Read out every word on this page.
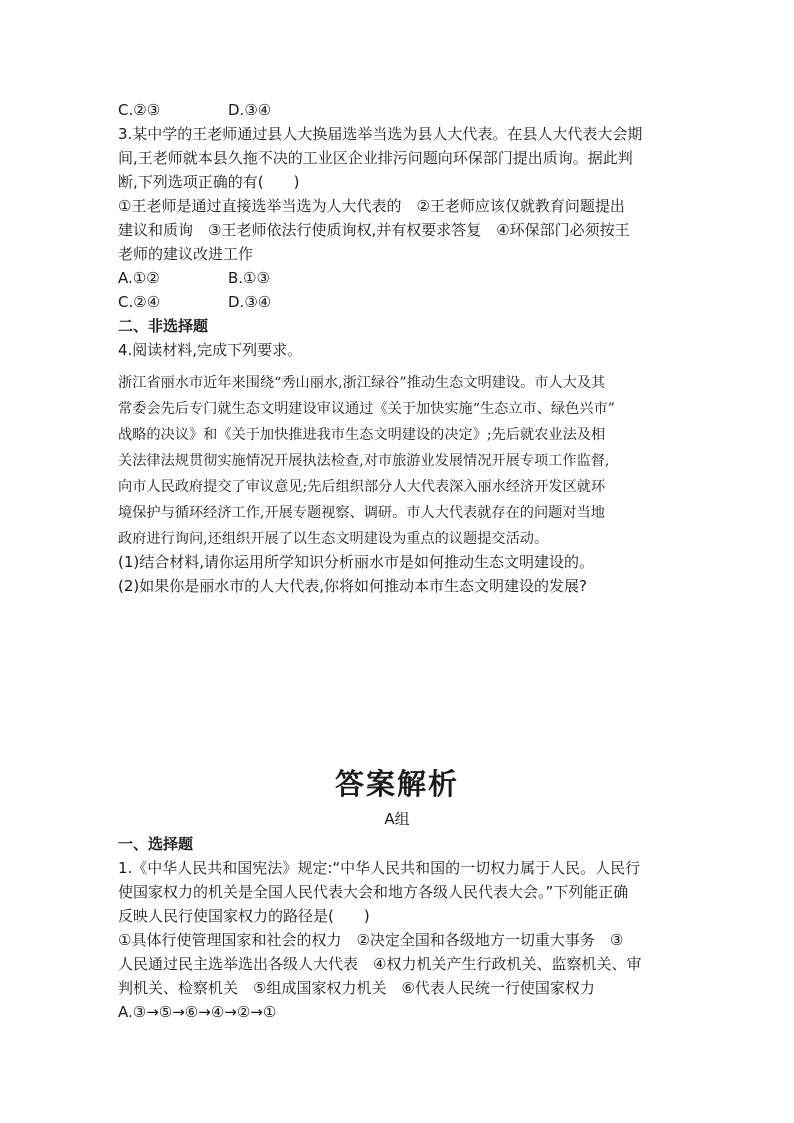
C.②③	D.③④

3.某中学的王老师通过县人大换届选举当选为县人大代表。在县人大代表大会期

间,王老师就本县久拖不决的工业区企业排污问题向环保部门提出质询。据此判

断,下列选项正确的有(　　)

①王老师是通过直接选举当选为人大代表的　②王老师应该仅就教育问题提出

建议和质询　③王老师依法行使质询权,并有权要求答复　④环保部门必须按王

老师的建议改进工作

A.①②	B.①③
C.②④	D.③④

二、非选择题

4.阅读材料,完成下列要求。

浙江省丽水市近年来围绕“秀山丽水,浙江绿谷”推动生态文明建设。市人大及其

常委会先后专门就生态文明建设审议通过《关于加快实施“生态立市、绿色兴市”

战略的决议》和《关于加快推进我市生态文明建设的决定》;先后就农业法及相

关法律法规贯彻实施情况开展执法检查,对市旅游业发展情况开展专项工作监督,

向市人民政府提交了审议意见;先后组织部分人大代表深入丽水经济开发区就环

境保护与循环经济工作,开展专题视察、调研。市人大代表就存在的问题对当地

政府进行询问,还组织开展了以生态文明建设为重点的议题提交活动。

(1)结合材料,请你运用所学知识分析丽水市是如何推动生态文明建设的。

(2)如果你是丽水市的人大代表,你将如何推动本市生态文明建设的发展?

答案解析

A组

一、选择题

1.《中华人民共和国宪法》规定:“中华人民共和国的一切权力属于人民。人民行

使国家权力的机关是全国人民代表大会和地方各级人民代表大会。”下列能正确

反映人民行使国家权力的路径是(　　)

①具体行使管理国家和社会的权力　②决定全国和各级地方一切重大事务　③

人民通过民主选举选出各级人大代表　④权力机关产生行政机关、监察机关、审

判机关、检察机关　⑤组成国家权力机关　⑥代表人民统一行使国家权力

A.③→⑤→⑥→④→②→①
